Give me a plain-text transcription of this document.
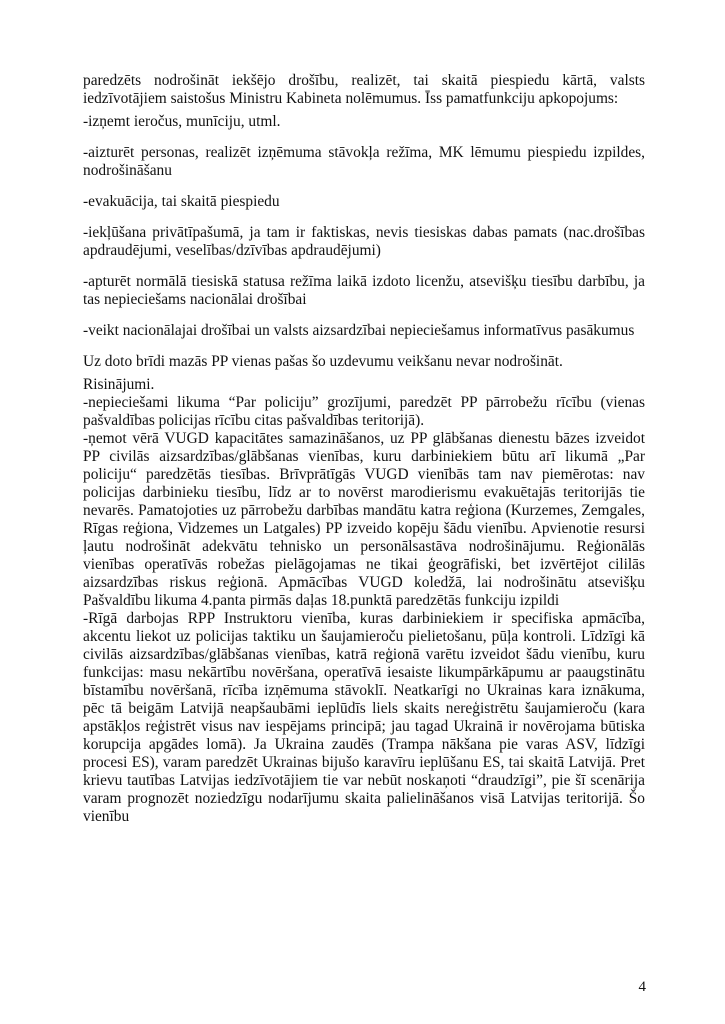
paredzēts nodrošināt iekšējo drošību, realizēt, tai skaitā piespiedu kārtā, valsts iedzīvotājiem saistošus Ministru Kabineta nolēmumus. Īss pamatfunkciju apkopojums:

-izņemt ieročus, munīciju, utml.

-aizturēt personas, realizēt izņēmuma stāvokļa režīma, MK lēmumu piespiedu izpildes, nodrošināšanu

-evakuācija, tai skaitā piespiedu

-iekļūšana privātīpašumā, ja tam ir faktiskas, nevis tiesiskas dabas pamats (nac.drošības apdraudējumi, veselības/dzīvības apdraudējumi)

-apturēt normālā tiesiskā statusa režīma laikā izdoto licenžu, atsevišķu tiesību darbību, ja tas nepieciešams nacionālai drošībai

-veikt nacionālajai drošībai un valsts aizsardzībai nepieciešamus informatīvus pasākumus

Uz doto brīdi mazās PP vienas pašas šo uzdevumu veikšanu nevar nodrošināt.

Risinājumi.

-nepieciešami likuma “Par policiju” grozījumi, paredzēt PP pārrobežu rīcību (vienas pašvaldības policijas rīcību citas pašvaldības teritorijā).

-ņemot vērā VUGD kapacitātes samazināšanos, uz PP glābšanas dienestu bāzes izveidot PP civilās aizsardzības/glābšanas vienības, kuru darbiniekiem būtu arī likumā „Par policiju“ paredzētās tiesības. Brīvprātīgās VUGD vienībās tam nav piemērotas: nav policijas darbinieku tiesību, līdz ar to novērst marodierismu evakuētajās teritorijās tie nevarēs. Pamatojoties uz pārrobežu darbības mandātu katra reģiona (Kurzemes, Zemgales, Rīgas reģiona, Vidzemes un Latgales) PP izveido kopēju šādu vienību. Apvienotie resursi ļautu nodrošināt adekvātu tehnisko un personālsastāva nodrošinājumu. Reģionālās vienības operatīvās robežas pielāgojamas ne tikai ģeogrāfiski, bet izvērtējot cililās aizsardzības riskus reģionā. Apmācības VUGD koledžā, lai nodrošinātu atsevišķu Pašvaldību likuma 4.panta pirmās daļas 18.punktā paredzētās funkciju izpildi

-Rīgā darbojas RPP Instruktoru vienība, kuras darbiniekiem ir specifiska apmācība, akcentu liekot uz policijas taktiku un šaujamieroču pielietošanu, pūļa kontroli. Līdzīgi kā civilās aizsardzības/glābšanas vienības, katrā reģionā varētu izveidot šādu vienību, kuru funkcijas: masu nekārtību novēršana, operatīvā iesaiste likumpārkāpumu ar paaugstinātu bīstamību novēršanā, rīcība izņēmuma stāvoklī. Neatkarīgi no Ukrainas kara iznākuma, pēc tā beigām Latvijā neapšaubāmi ieplūdīs liels skaits nereģistrētu šaujamieroču (kara apstākļos reģistrēt visus nav iespējams principā; jau tagad Ukrainā ir novērojama būtiska korupcija apgādes lomā). Ja Ukraina zaudēs (Trampa nākšana pie varas ASV, līdzīgi procesi ES), varam paredzēt Ukrainas bijušo karavīru ieplūšanu ES, tai skaitā Latvijā. Pret krievu tautības Latvijas iedzīvotājiem tie var nebūt noskaņoti “draudzīgi”, pie šī scenārija varam prognozēt noziedzīgu nodarījumu skaita palielināšanos visā Latvijas teritorijā. Šo vienību

4
